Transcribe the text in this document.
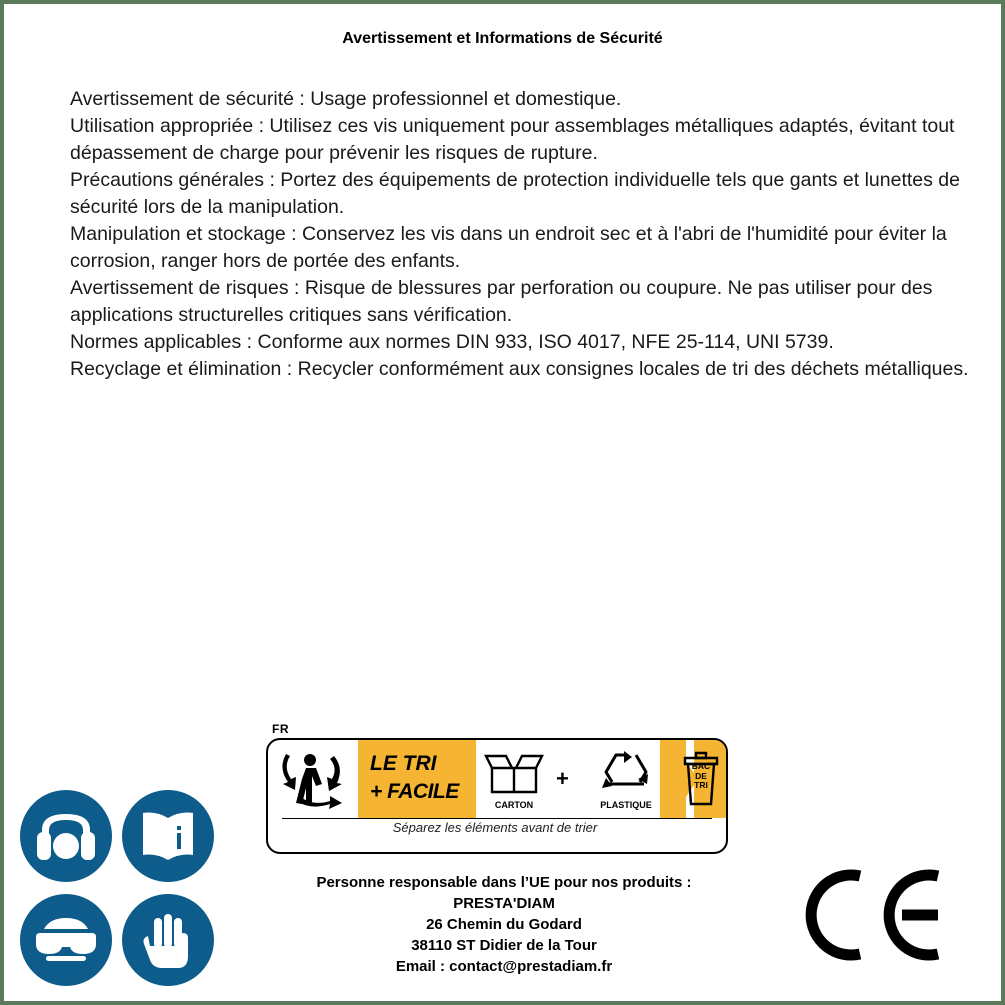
Avertissement et Informations de Sécurité

Avertissement de sécurité : Usage professionnel et domestique.

Utilisation appropriée : Utilisez ces vis uniquement pour assemblages métalliques adaptés, évitant tout dépassement de charge pour prévenir les risques de rupture.

Précautions générales : Portez des équipements de protection individuelle tels que gants et lunettes de sécurité lors de la manipulation.

Manipulation et stockage : Conservez les vis dans un endroit sec et à l'abri de l'humidité pour éviter la corrosion, ranger hors de portée des enfants.

Avertissement de risques : Risque de blessures par perforation ou coupure. Ne pas utiliser pour des applications structurelles critiques sans vérification.

Normes applicables : Conforme aux normes DIN 933, ISO 4017, NFE 25-114, UNI 5739.

Recyclage et élimination : Recycler conformément aux consignes locales de tri des déchets métalliques.

FR
LE TRI
+ FACILE
CARTON
+
PLASTIQUE
BAC
DE
TRI
Séparez les éléments avant de trier
Personne responsable dans l’UE pour nos produits :
PRESTA'DIAM
26 Chemin du Godard
38110 ST Didier de la Tour
Email : contact@prestadiam.fr
